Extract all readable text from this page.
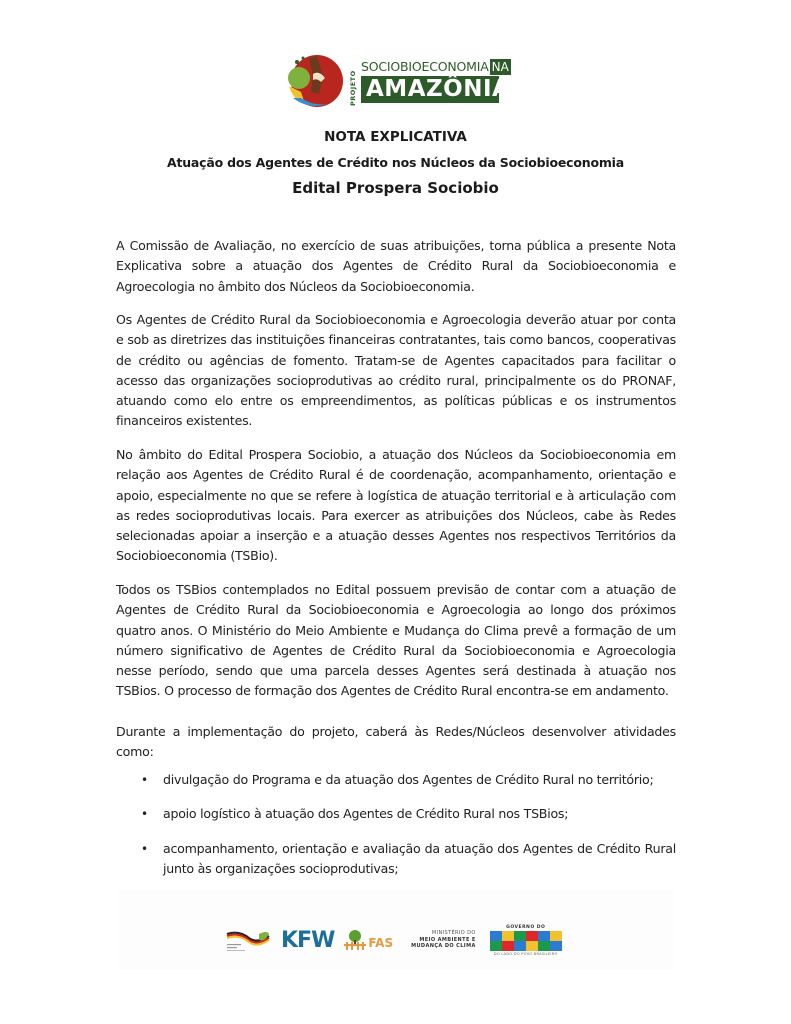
PROJETO
SOCIOBIOECONOMIA NA
AMAZÔNIA
NOTA EXPLICATIVA
Atuação dos Agentes de Crédito nos Núcleos da Sociobioeconomia
Edital Prospera Sociobio

A Comissão de Avaliação, no exercício de suas atribuições, torna pública a presente Nota Explicativa sobre a atuação dos Agentes de Crédito Rural da Sociobioeconomia e Agroecologia no âmbito dos Núcleos da Sociobioeconomia.

Os Agentes de Crédito Rural da Sociobioeconomia e Agroecologia deverão atuar por conta e sob as diretrizes das instituições financeiras contratantes, tais como bancos, cooperativas de crédito ou agências de fomento. Tratam-se de Agentes capacitados para facilitar o acesso das organizações socioprodutivas ao crédito rural, principalmente os do PRONAF, atuando como elo entre os empreendimentos, as políticas públicas e os instrumentos financeiros existentes.

No âmbito do Edital Prospera Sociobio, a atuação dos Núcleos da Sociobioeconomia em relação aos Agentes de Crédito Rural é de coordenação, acompanhamento, orientação e apoio, especialmente no que se refere à logística de atuação territorial e à articulação com as redes socioprodutivas locais. Para exercer as atribuições dos Núcleos, cabe às Redes selecionadas apoiar a inserção e a atuação desses Agentes nos respectivos Territórios da Sociobioeconomia (TSBio).

Todos os TSBios contemplados no Edital possuem previsão de contar com a atuação de Agentes de Crédito Rural da Sociobioeconomia e Agroecologia ao longo dos próximos quatro anos. O Ministério do Meio Ambiente e Mudança do Clima prevê a formação de um número significativo de Agentes de Crédito Rural da Sociobioeconomia e Agroecologia nesse período, sendo que uma parcela desses Agentes será destinada à atuação nos TSBios. O processo de formação dos Agentes de Crédito Rural encontra-se em andamento.

Durante a implementação do projeto, caberá às Redes/Núcleos desenvolver atividades como:

• divulgação do Programa e da atuação dos Agentes de Crédito Rural no território;
• apoio logístico à atuação dos Agentes de Crédito Rural nos TSBios;
• acompanhamento, orientação e avaliação da atuação dos Agentes de Crédito Rural junto às organizações socioprodutivas;
KFW	FAS
MINISTÉRIO DO
MEIO AMBIENTE E
MUDANÇA DO CLIMA
GOVERNO DO
DO LADO DO POVO BRASILEIRO
